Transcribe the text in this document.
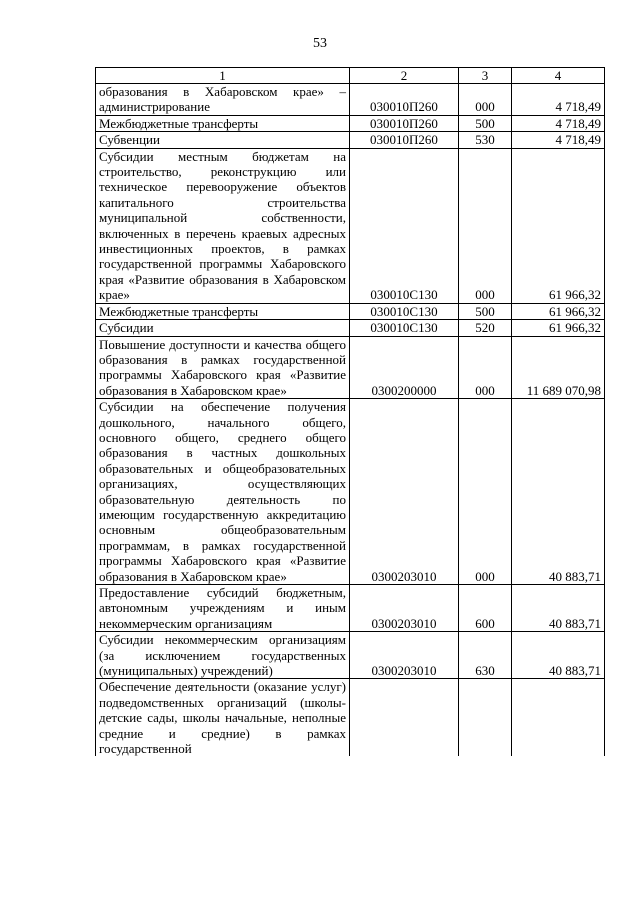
53
1	2	3	4
образования в Хабаровском крае» – администрирование	030010П260	000	4 718,49
Межбюджетные трансферты	030010П260	500	4 718,49
Субвенции	030010П260	530	4 718,49
Субсидии местным бюджетам на строительство, реконструкцию или техническое перевооружение объектов капитального строительства муниципальной собственности, включенных в перечень краевых адресных инвестиционных проектов, в рамках государственной программы Хабаровского края «Развитие образования в Хабаровском крае»	030010С130	000	61 966,32
Межбюджетные трансферты	030010С130	500	61 966,32
Субсидии	030010С130	520	61 966,32
Повышение доступности и качества общего образования в рамках государственной программы Хабаровского края «Развитие образования в Хабаровском крае»	0300200000	000	11 689 070,98
Субсидии на обеспечение получения дошкольного, начального общего, основного общего, среднего общего образования в частных дошкольных образовательных и общеобразовательных организациях, осуществляющих образовательную деятельность по имеющим государственную аккредитацию основным общеобразовательным программам, в рамках государственной программы Хабаровского края «Развитие образования в Хабаровском крае»	0300203010	000	40 883,71
Предоставление субсидий бюджетным, автономным учреждениям и иным некоммерческим организациям	0300203010	600	40 883,71
Субсидии некоммерческим организациям (за исключением государственных (муниципальных) учреждений)	0300203010	630	40 883,71
Обеспечение деятельности (оказание услуг) подведомственных организаций (школы-детские сады, школы начальные, неполные средние и средние) в рамках государственной			
